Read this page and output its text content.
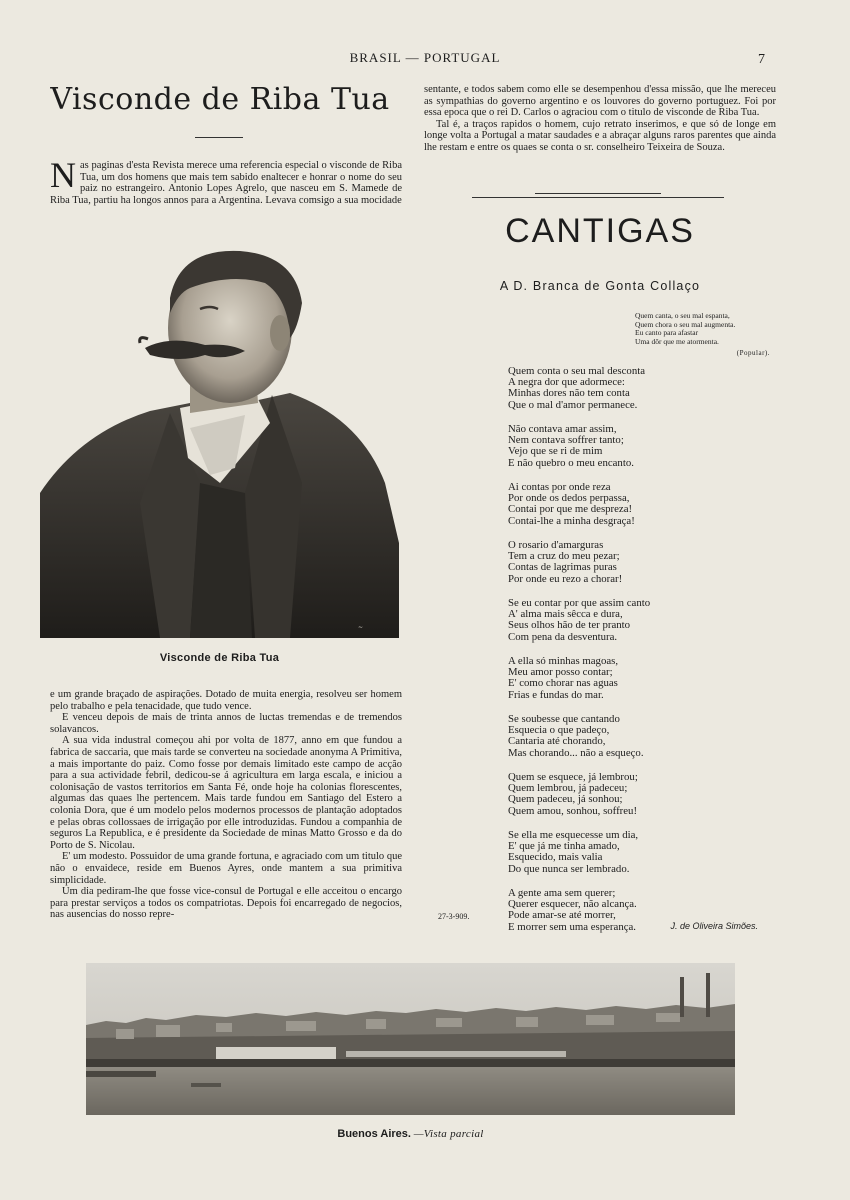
BRASIL — PORTUGAL	7
Visconde de Riba Tua

Nas paginas d'esta Revista merece uma referencia especial o visconde de Riba Tua, um dos homens que mais tem sabido enaltecer e honrar o nome do seu paiz no estrangeiro. Antonio Lopes Agrelo, que nasceu em S. Mamede de Riba Tua, partiu ha longos annos para a Argentina. Levava comsigo a sua mocidade

~
Visconde de Riba Tua

e um grande braçado de aspirações. Dotado de muita energia, resolveu ser homem pelo trabalho e pela tenacidade, que tudo vence.

E venceu depois de mais de trinta annos de luctas tremendas e de tremendos solavancos.

A sua vida industral começou ahi por volta de 1877, anno em que fundou a fabrica de saccaria, que mais tarde se converteu na sociedade anonyma A Primitiva, a mais importante do paiz. Como fosse por demais limitado este campo de acção para a sua actividade febril, dedicou-se á agricultura em larga escala, e iniciou a colonisação de vastos territorios em Santa Fé, onde hoje ha colonias florescentes, algumas das quaes lhe pertencem. Mais tarde fundou em Santiago del Estero a colonia Dora, que é um modelo pelos modernos processos de plantação adoptados e pelas obras collossaes de irrigação por elle introduzidas. Fundou a companhia de seguros La Republica, e é presidente da Sociedade de minas Matto Grosso e da do Porto de S. Nicolau.

E' um modesto. Possuidor de uma grande fortuna, e agraciado com um titulo que não o envaidece, reside em Buenos Ayres, onde mantem a sua primitiva simplicidade.

Um dia pediram-lhe que fosse vice-consul de Portugal e elle acceitou o encargo para prestar serviços a todos os compatriotas. Depois foi encarregado de negocios, nas ausencias do nosso repre-

sentante, e todos sabem como elle se desempenhou d'essa missão, que lhe mereceu as sympathias do governo argentino e os louvores do governo portuguez. Foi por essa epoca que o rei D. Carlos o agraciou com o titulo de visconde de Riba Tua.

Tal é, a traços rapidos o homem, cujo retrato inserimos, e que só de longe em longe volta a Portugal a matar saudades e a abraçar alguns raros parentes que ainda lhe restam e entre os quaes se conta o sr. conselheiro Teixeira de Souza.

CANTIGAS
A D. Branca de Gonta Collaço
Quem canta, o seu mal espanta,
Quem chora o seu mal augmenta.
Eu canto para afastar
Uma dôr que me atormenta.
(Popular).
Quem conta o seu mal desconta
A negra dor que adormece:
Minhas dores não tem conta
Que o mal d'amor permanece.
Não contava amar assim,
Nem contava soffrer tanto;
Vejo que se ri de mim
E não quebro o meu encanto.
Ai contas por onde reza
Por onde os dedos perpassa,
Contai por que me despreza!
Contai-lhe a minha desgraça!
O rosario d'amarguras
Tem a cruz do meu pezar;
Contas de lagrimas puras
Por onde eu rezo a chorar!
Se eu contar por que assim canto
A' alma mais sêcca e dura,
Seus olhos hão de ter pranto
Com pena da desventura.
A ella só minhas magoas,
Meu amor posso contar;
E' como chorar nas aguas
Frias e fundas do mar.
Se soubesse que cantando
Esquecia o que padeço,
Cantaria até chorando,
Mas chorando... não a esqueço.
Quem se esquece, já lembrou;
Quem lembrou, já padeceu;
Quem padeceu, já sonhou;
Quem amou, sonhou, soffreu!
Se ella me esquecesse um dia,
E' que já me tinha amado,
Esquecido, mais valia
Do que nunca ser lembrado.
A gente ama sem querer;
Querer esquecer, não alcança.
Pode amar-se até morrer,
E morrer sem uma esperança.
27-3-909.
J. de Oliveira Simões.
Buenos Aires. —Vista parcial
